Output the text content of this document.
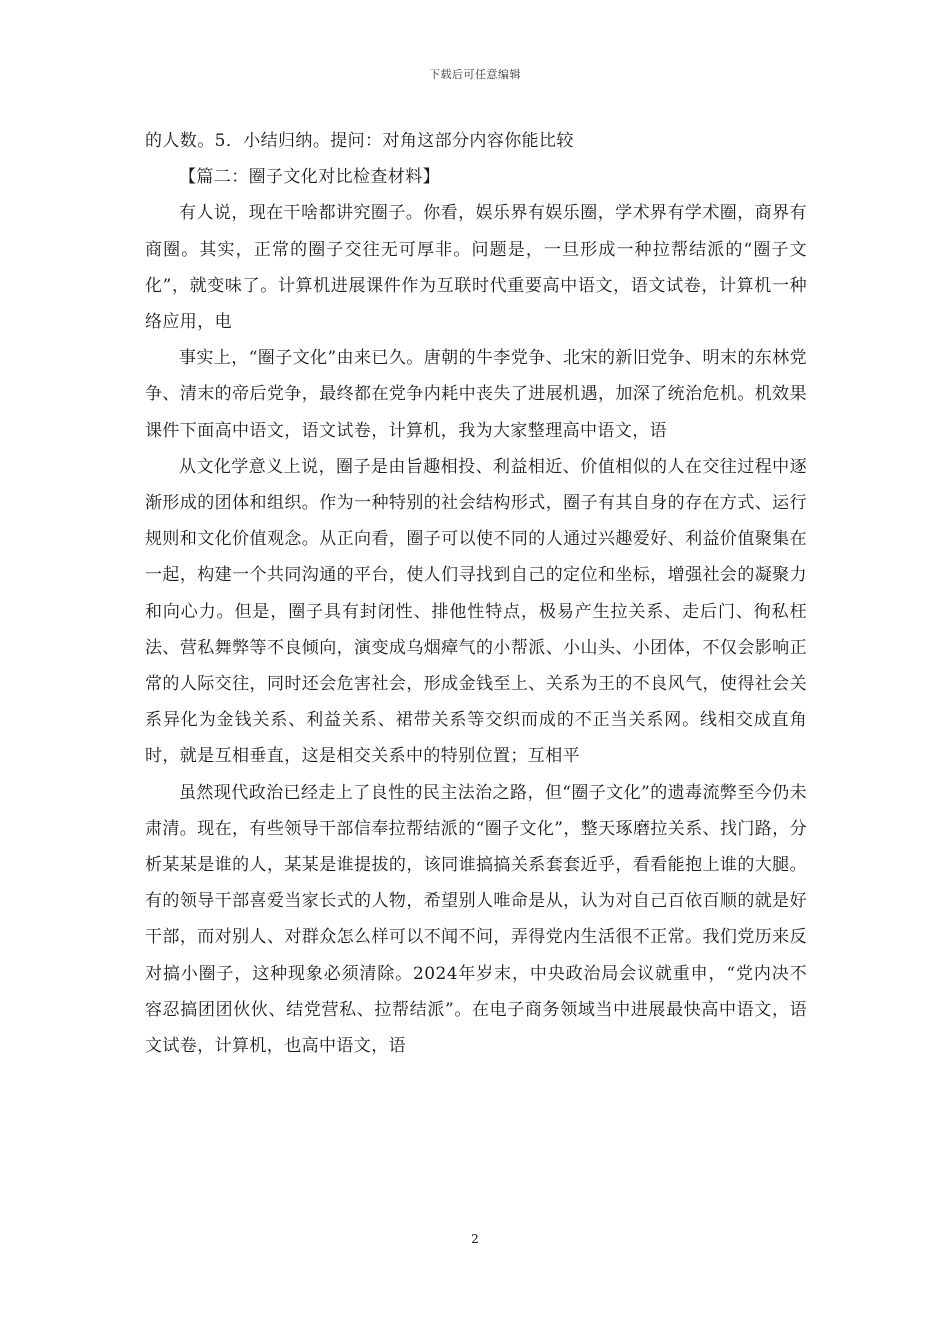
下载后可任意编辑

的人数。5．小结归纳。提问：对角这部分内容你能比较

【篇二：圈子文化对比检查材料】

有人说，现在干啥都讲究圈子。你看，娱乐界有娱乐圈，学术界有学术圈，商界有商圈。其实，正常的圈子交往无可厚非。问题是，一旦形成一种拉帮结派的“圈子文化”，就变味了。计算机进展课件作为互联时代重要高中语文，语文试卷，计算机一种络应用，电

事实上，“圈子文化”由来已久。唐朝的牛李党争、北宋的新旧党争、明末的东林党争、清末的帝后党争，最终都在党争内耗中丧失了进展机遇，加深了统治危机。机效果课件下面高中语文，语文试卷，计算机，我为大家整理高中语文，语

从文化学意义上说，圈子是由旨趣相投、利益相近、价值相似的人在交往过程中逐渐形成的团体和组织。作为一种特别的社会结构形式，圈子有其自身的存在方式、运行规则和文化价值观念。从正向看，圈子可以使不同的人通过兴趣爱好、利益价值聚集在一起，构建一个共同沟通的平台，使人们寻找到自己的定位和坐标，增强社会的凝聚力和向心力。但是，圈子具有封闭性、排他性特点，极易产生拉关系、走后门、徇私枉法、营私舞弊等不良倾向，演变成乌烟瘴气的小帮派、小山头、小团体，不仅会影响正常的人际交往，同时还会危害社会，形成金钱至上、关系为王的不良风气，使得社会关系异化为金钱关系、利益关系、裙带关系等交织而成的不正当关系网。线相交成直角时，就是互相垂直，这是相交关系中的特别位置；互相平

虽然现代政治已经走上了良性的民主法治之路，但“圈子文化”的遗毒流弊至今仍未肃清。现在，有些领导干部信奉拉帮结派的“圈子文化”，整天琢磨拉关系、找门路，分析某某是谁的人，某某是谁提拔的，该同谁搞搞关系套套近乎，看看能抱上谁的大腿。有的领导干部喜爱当家长式的人物，希望别人唯命是从，认为对自己百依百顺的就是好干部，而对别人、对群众怎么样可以不闻不问，弄得党内生活很不正常。我们党历来反对搞小圈子，这种现象必须清除。2024年岁末，中央政治局会议就重申，“党内决不容忍搞团团伙伙、结党营私、拉帮结派”。在电子商务领域当中进展最快高中语文，语文试卷，计算机，也高中语文，语

2
